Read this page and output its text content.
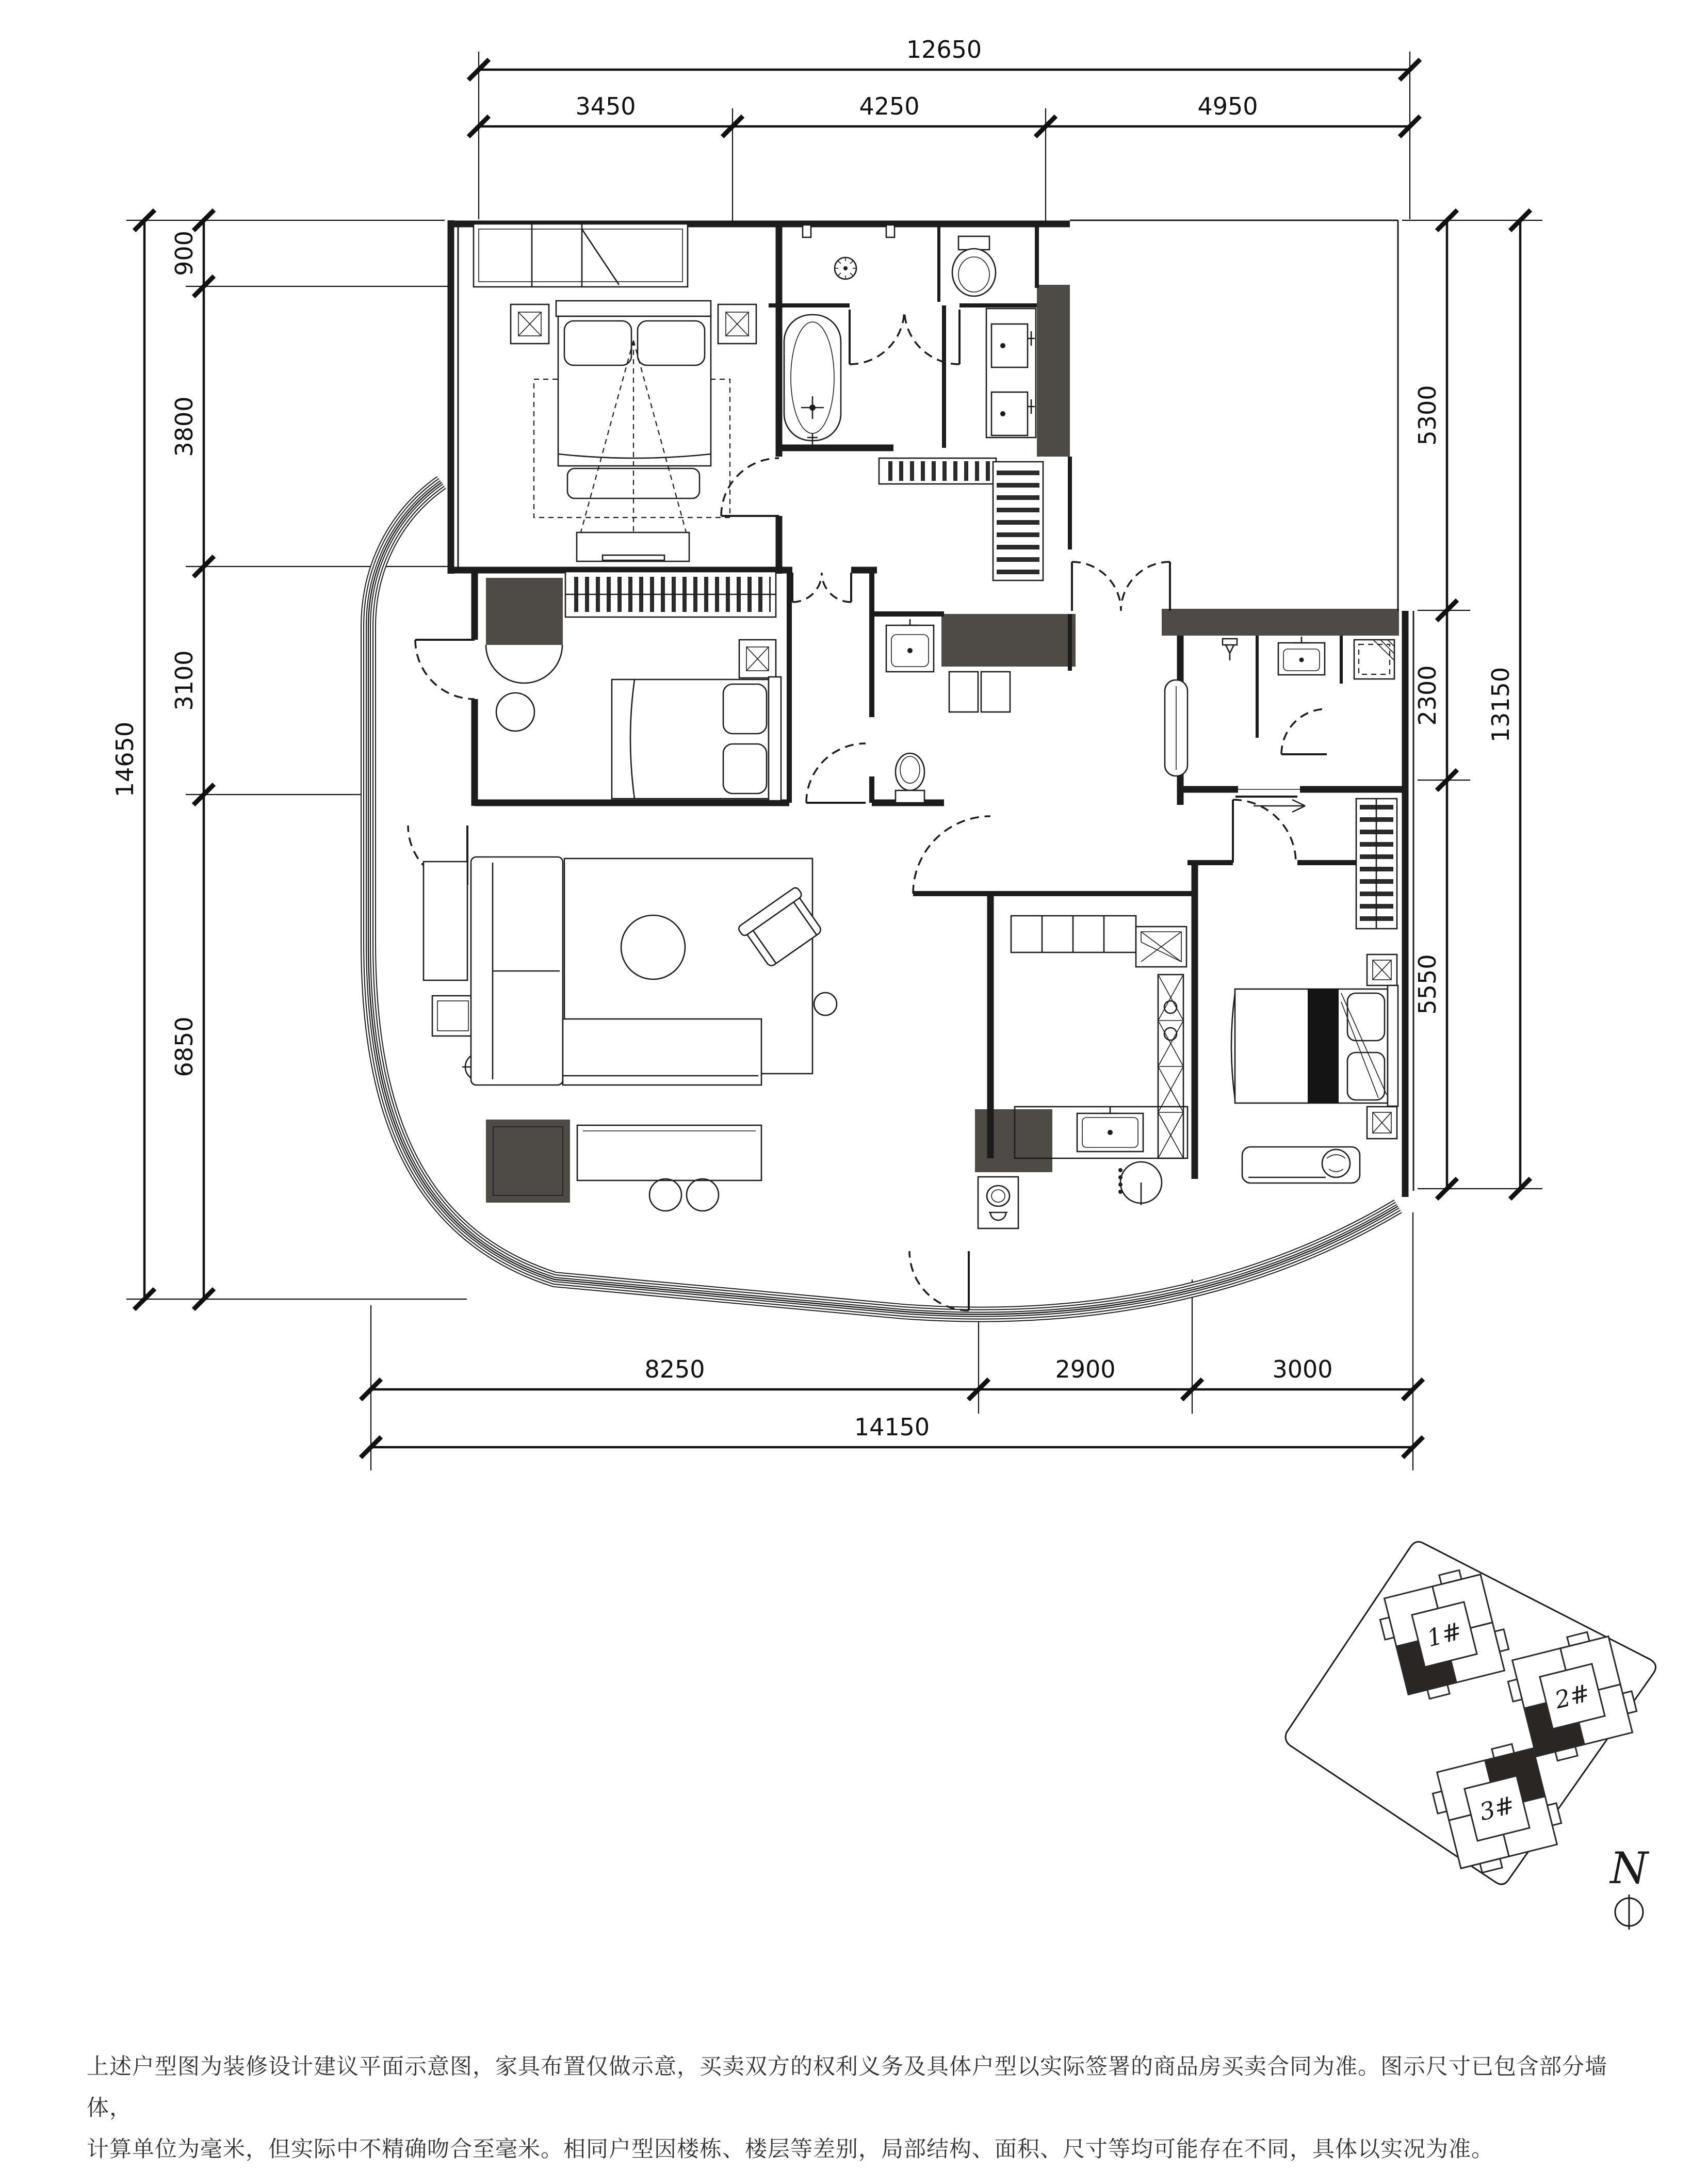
12650
3450	4250	4950
14650
900
3800
3100
6850
5300
2300
5550
13150
8250	2900	3000
14150
1#
2#
3#
N
上述户型图为装修设计建议平面示意图，家具布置仅做示意，买卖双方的权利义务及具体户型以实际签署的商品房买卖合同为准。图示尺寸已包含部分墙体，
计算单位为毫米，但实际中不精确吻合至毫米。相同户型因楼栋、楼层等差别，局部结构、面积、尺寸等均可能存在不同，具体以实况为准。
